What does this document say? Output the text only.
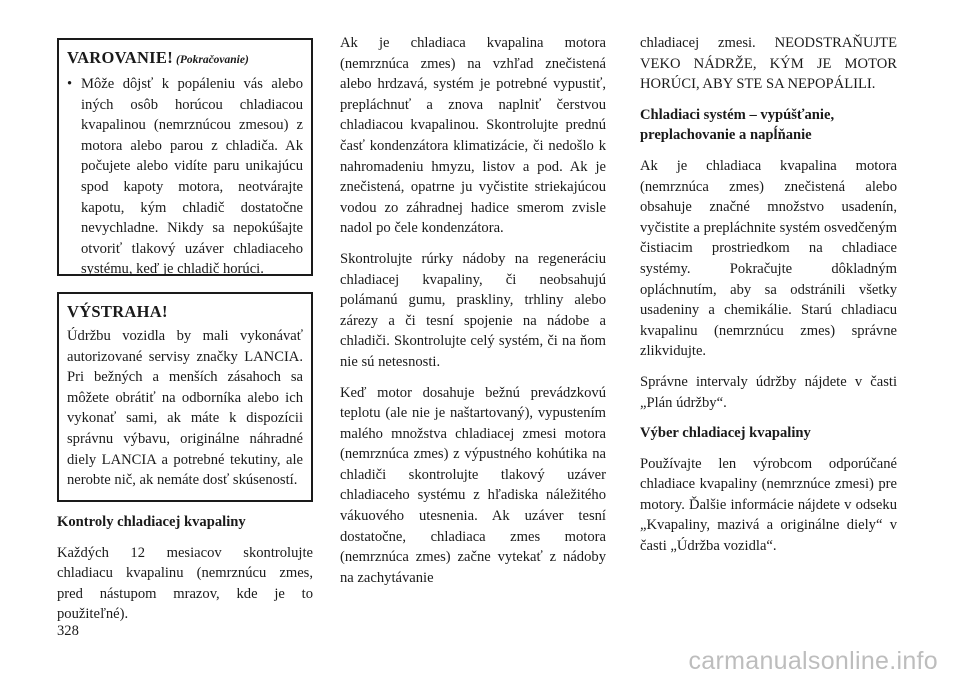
VAROVANIE! (Pokračovanie)
• Môže dôjsť k popáleniu vás alebo iných osôb horúcou chladiacou kvapalinou (nemrznúcou zmesou) z motora alebo parou z chladiča. Ak počujete alebo vidíte paru unikajúcu spod kapoty motora, neotvárajte kapotu, kým chladič dostatočne nevychladne. Nikdy sa nepokúšajte otvoriť tlakový uzáver chladiaceho systému, keď je chladič horúci.
VÝSTRAHA!
Údržbu vozidla by mali vykonávať autorizované servisy značky LANCIA. Pri bežných a menších zásahoch sa môžete obrátiť na odborníka alebo ich vykonať sami, ak máte k dispozícii správnu výbavu, originálne náhradné diely LANCIA a potrebné tekutiny, ale nerobte nič, ak nemáte dosť skúseností.
Kontroly chladiacej kvapaliny

Každých 12 mesiacov skontrolujte chladiacu kvapalinu (nemrznúcu zmes, pred nástupom mrazov, kde je to použiteľné).

Ak je chladiaca kvapalina motora (nemrznúca zmes) na vzhľad znečistená alebo hrdzavá, systém je potrebné vypustiť, prepláchnuť a znova naplniť čerstvou chladiacou kvapalinou. Skontrolujte prednú časť kondenzátora klimatizácie, či nedošlo k nahromadeniu hmyzu, listov a pod. Ak je znečistená, opatrne ju vyčistite striekajúcou vodou zo záhradnej hadice smerom zvisle nadol po čele kondenzátora.

Skontrolujte rúrky nádoby na regeneráciu chladiacej kvapaliny, či neobsahujú polámanú gumu, praskliny, trhliny alebo zárezy a či tesní spojenie na nádobe a chladiči. Skontrolujte celý systém, či na ňom nie sú netesnosti.

Keď motor dosahuje bežnú prevádzkovú teplotu (ale nie je naštartovaný), vypustením malého množstva chladiacej zmesi motora (nemrznúca zmes) z výpustného kohútika na chladiči skontrolujte tlakový uzáver chladiaceho systému z hľadiska náležitého vákuového utesnenia. Ak uzáver tesní dostatočne, chladiaca zmes motora (nemrznúca zmes) začne vytekať z nádoby na zachytávanie

chladiacej zmesi. NEODSTRAŇUJTE VEKO NÁDRŽE, KÝM JE MOTOR HORÚCI, ABY STE SA NEPOPÁLILI.

Chladiaci systém – vypúšťanie, preplachovanie a napĺňanie

Ak je chladiaca kvapalina motora (nemrznúca zmes) znečistená alebo obsahuje značné množstvo usadenín, vyčistite a prepláchnite systém osvedčeným čistiacim prostriedkom na chladiace systémy. Pokračujte dôkladným opláchnutím, aby sa odstránili všetky usadeniny a chemikálie. Starú chladiacu kvapalinu (nemrznúcu zmes) správne zlikvidujte.

Správne intervaly údržby nájdete v časti „Plán údržby“.

Výber chladiacej kvapaliny

Používajte len výrobcom odporúčané chladiace kvapaliny (nemrznúce zmesi) pre motory. Ďalšie informácie nájdete v odseku „Kvapaliny, mazivá a originálne diely“ v časti „Údržba vozidla“.

328
carmanualsonline.info
